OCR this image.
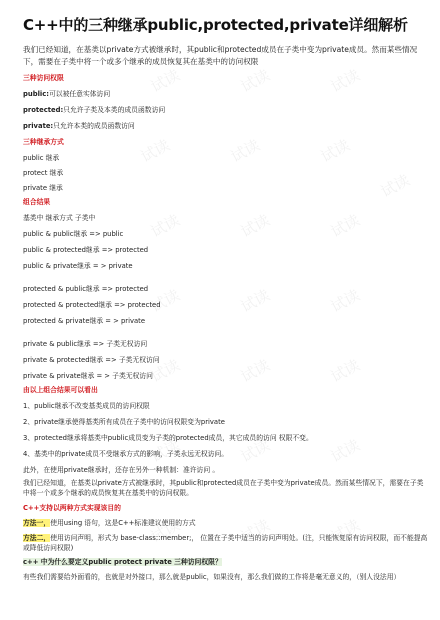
试读	试读	试读
试读	试读	试读
试读
试读	试读	试读
试读	试读	试读
试读	试读	试读
试读	试读	试读
试读	试读	试读
C++中的三种继承public,protected,private详细解析
我们已经知道，在基类以private方式被继承时，其public和protected成员在子类中变为private成员。然而某些情况下，需要在子类中将一个或多个继承的成员恢复其在基类中的访问权限
三种访问权限
public:可以被任意实体访问
protected:只允许子类及本类的成员函数访问
private:只允许本类的成员函数访问
三种继承方式
public 继承
protect 继承
private 继承
组合结果
基类中 继承方式 子类中
public & public继承 => public
public & protected继承 => protected
public & private继承 = > private
protected & public继承 => protected
protected & protected继承 => protected
protected & private继承 = > private
private & public继承 => 子类无权访问
private & protected继承 => 子类无权访问
private & private继承 = > 子类无权访问
由以上组合结果可以看出
1、public继承不改变基类成员的访问权限
2、private继承使得基类所有成员在子类中的访问权限变为private
3、protected继承将基类中public成员变为子类的protected成员，其它成员的访问 权限不变。
4、基类中的private成员不受继承方式的影响，子类永远无权访问。
此外，在使用private继承时，还存在另外一种机制：准许访问 。
我们已经知道，在基类以private方式被继承时，其public和protected成员在子类中变为private成员。然而某些情况下，需要在子类中将一个或多个继承的成员恢复其在基类中的访问权限。
C++支持以两种方式实现该目的
方法一，使用using 语句，这是C++标准建议使用的方式
方法二，使用访问声明，形式为 base-class::member;， 位置在子类中适当的访问声明处。(注，只能恢复原有访问权限，而不能提高或降低访问权限)
c++ 中为什么要定义public protect private 三种访问权限？
有些我们需要给外面看的，也就是对外接口，那么就是public，如果没有，那么我们做的工作将是毫无意义的，（别人没法用）
